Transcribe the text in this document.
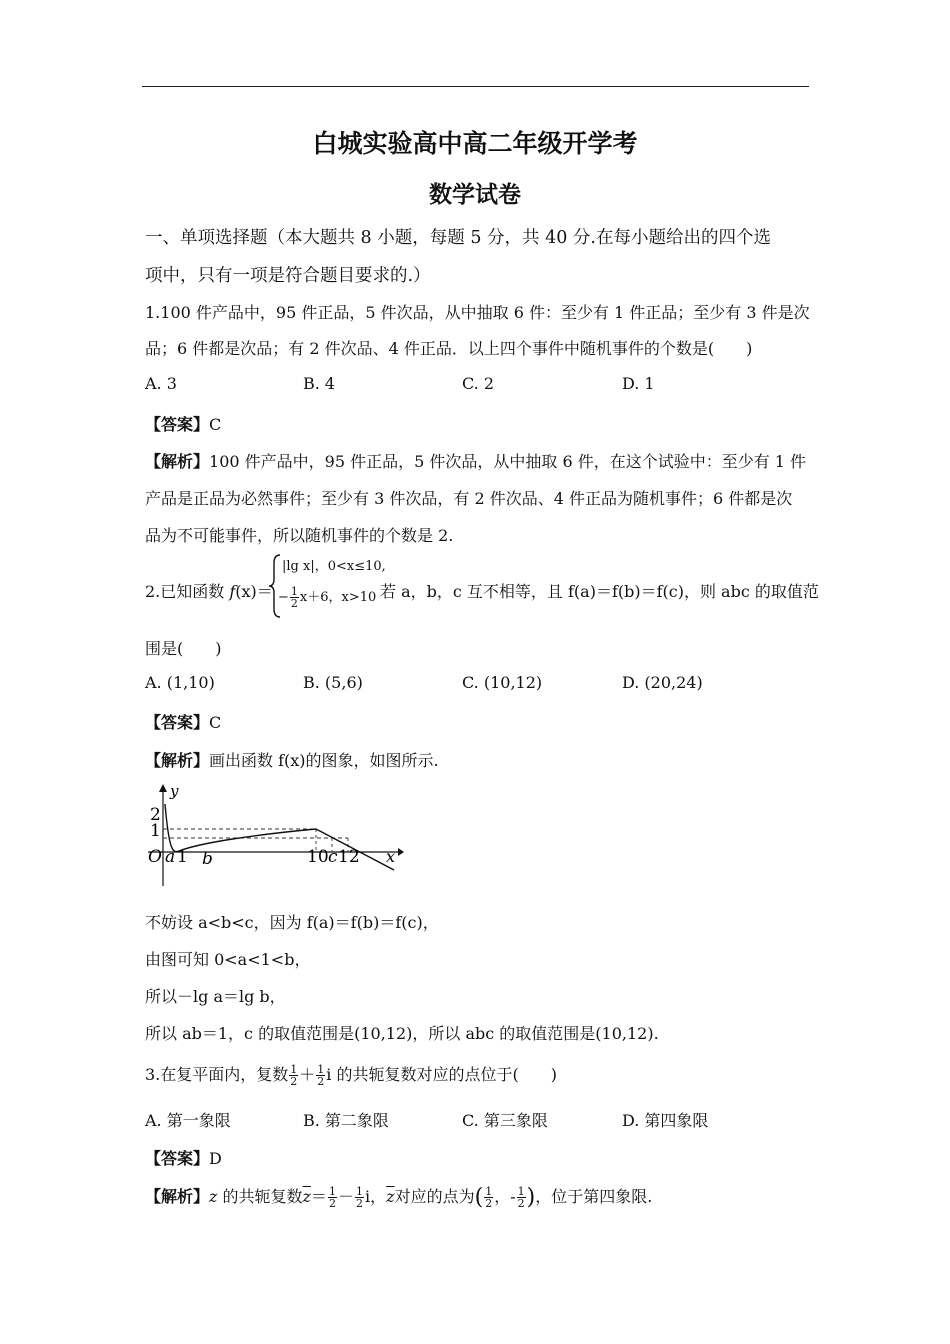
白城实验高中高二年级开学考
数学试卷
一、单项选择题（本大题共 8 小题，每题 5 分，共 40 分.在每小题给出的四个选
项中，只有一项是符合题目要求的.）
1.100 件产品中，95 件正品，5 件次品，从中抽取 6 件：至少有 1 件正品；至少有 3 件是次
品；6 件都是次品；有 2 件次品、4 件正品．以上四个事件中随机事件的个数是(　　)
A. 3	B. 4	C. 2	D. 1
【答案】C
【解析】100 件产品中，95 件正品，5 件次品，从中抽取 6 件，在这个试验中：至少有 1 件
产品是正品为必然事件；至少有 3 件次品，有 2 件次品、4 件正品为随机事件；6 件都是次
品为不可能事件，所以随机事件的个数是 2.
2.已知函数 f(x)＝
|lg x|，0<x≤10,
− $\frac{1}{2} x+6$，x>10 若 a，b，c 互不相等，且 f(a)＝f(b)＝f(c)，则 abc 的取值范
围是(　　)
A. (1,10)	B. (5,6)	C. (10,12)	D. (20,24)
【答案】C
【解析】画出函数 f(x)的图象，如图所示.
y
2
1
O a 1 b	10 c 12 x
不妨设 a<b<c，因为 f(a)＝f(b)＝f(c)，
由图可知 0<a<1<b，
所以－lg a＝lg b，
所以 ab＝1，c 的取值范围是(10,12)，所以 abc 的取值范围是(10,12).
3.在复平面内，复数 $\frac{1}{2} + \frac{1}{2}$ i 的共轭复数对应的点位于(　　)
A. 第一象限	B. 第二象限	C. 第三象限	D. 第四象限
【答案】D
【解析】z 的共轭复数$\overline{z}= \frac{1}{2} - \frac{1}{2}$ i，$\overline{z}$对应的点为( $\frac{1}{2}$ ，- $\frac{1}{2}$ )，位于第四象限.
